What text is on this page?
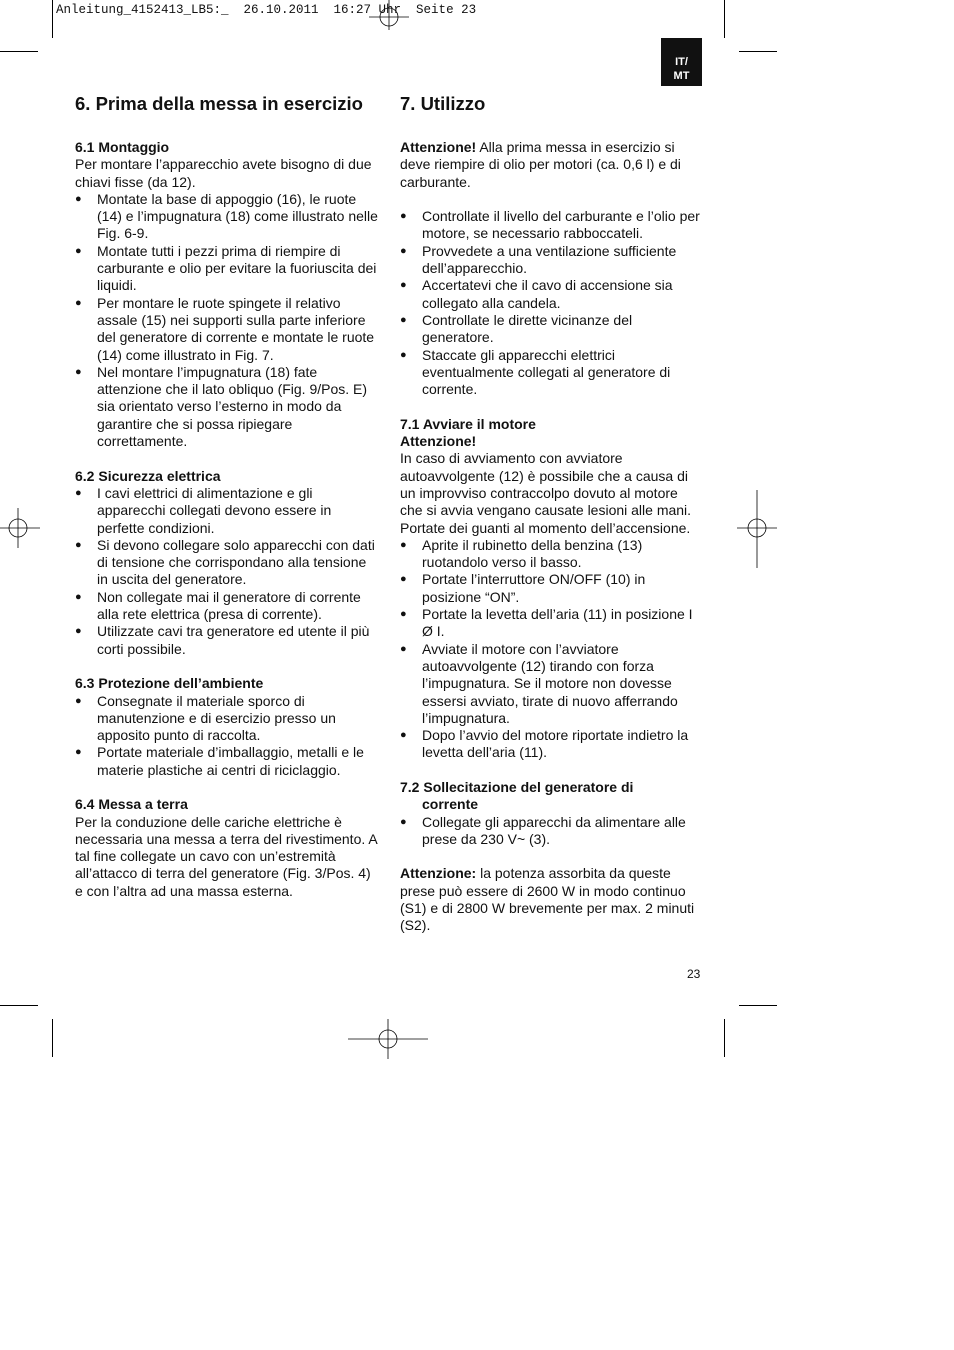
Anleitung_4152413_LB5:_  26.10.2011  16:27 Uhr  Seite 23
IT/
MT
6. Prima della messa in esercizio
6.1 Montaggio

Per montare l’apparecchio avete bisogno di due chiavi fisse (da 12).

● Montate la base di appoggio (16), le ruote (14) e l’impugnatura (18) come illustrato nelle Fig. 6-9.
● Montate tutti i pezzi prima di riempire di carburante e olio per evitare la fuoriuscita dei liquidi.
● Per montare le ruote spingete il relativo assale (15) nei supporti sulla parte inferiore del generatore di corrente e montate le ruote (14) come illustrato in Fig. 7.
● Nel montare l’impugnatura (18) fate attenzione che il lato obliquo (Fig. 9/Pos. E) sia orientato verso l’esterno in modo da garantire che si possa ripiegare correttamente.
6.2 Sicurezza elettrica
● I cavi elettrici di alimentazione e gli apparecchi collegati devono essere in perfette condizioni.
● Si devono collegare solo apparecchi con dati di tensione che corrispondano alla tensione in uscita del generatore.
● Non collegate mai il generatore di corrente alla rete elettrica (presa di corrente).
● Utilizzate cavi tra generatore ed utente il più corti possibile.
6.3 Protezione dell’ambiente
● Consegnate il materiale sporco di manutenzione e di esercizio presso un apposito punto di raccolta.
● Portate materiale d’imballaggio, metalli e le materie plastiche ai centri di riciclaggio.
6.4 Messa a terra

Per la conduzione delle cariche elettriche è necessaria una messa a terra del rivestimento. A tal fine collegate un cavo con un’estremità all’attacco di terra del generatore (Fig. 3/Pos. 4) e con l’altra ad una massa esterna.

7. Utilizzo

Attenzione! Alla prima messa in esercizio si deve riempire di olio per motori (ca. 0,6 l) e di carburante.

● Controllate il livello del carburante e l’olio per motore, se necessario rabboccateli.
● Provvedete a una ventilazione sufficiente dell’apparecchio.
● Accertatevi che il cavo di accensione sia collegato alla candela.
● Controllate le dirette vicinanze del generatore.
● Staccate gli apparecchi elettrici eventualmente collegati al generatore di corrente.
7.1 Avviare il motore
Attenzione!

In caso di avviamento con avviatore autoavvolgente (12) è possibile che a causa di un improvviso contraccolpo dovuto al motore che si avvia vengano causate lesioni alle mani. Portate dei guanti al momento dell’accensione.

● Aprite il rubinetto della benzina (13) ruotandolo verso il basso.
● Portate l’interruttore ON/OFF (10) in posizione “ON”.
● Portate la levetta dell’aria (11) in posizione I Ø I.
● Avviate il motore con l’avviatore autoavvolgente (12) tirando con forza l’impugnatura. Se il motore non dovesse essersi avviato, tirate di nuovo afferrando l’impugnatura.
● Dopo l’avvio del motore riportate indietro la levetta dell’aria (11).
7.2 Sollecitazione del generatore di
corrente
● Collegate gli apparecchi da alimentare alle prese da 230 V~ (3).

Attenzione: la potenza assorbita da queste prese può essere di 2600 W in modo continuo (S1) e di 2800 W brevemente per max. 2 minuti (S2).

23
